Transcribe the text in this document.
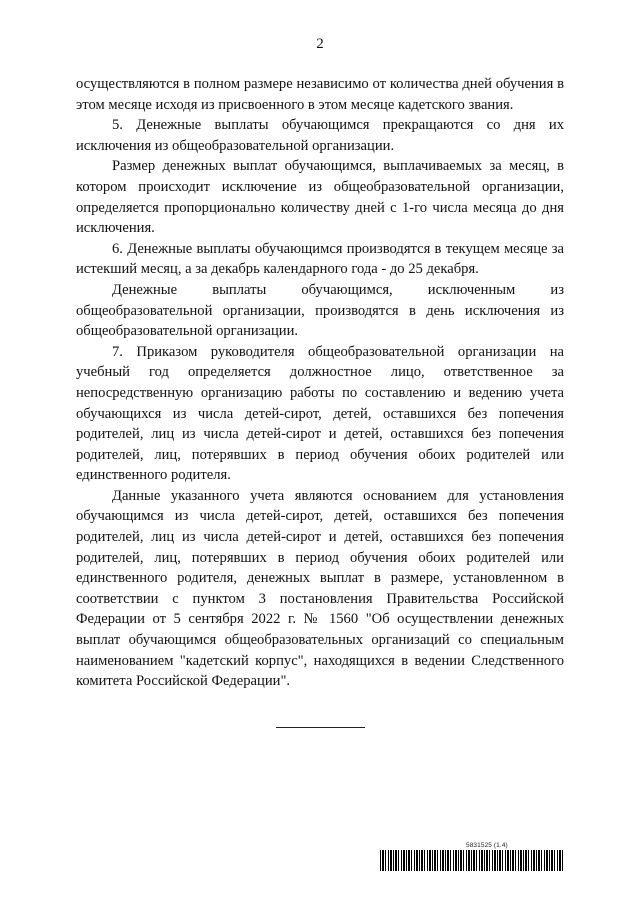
2

осуществляются в полном размере независимо от количества дней обучения в этом месяце исходя из присвоенного в этом месяце кадетского звания.

5. Денежные выплаты обучающимся прекращаются со дня их исключения из общеобразовательной организации.

Размер денежных выплат обучающимся, выплачиваемых за месяц, в котором происходит исключение из общеобразовательной организации, определяется пропорционально количеству дней с 1-го числа месяца до дня исключения.

6. Денежные выплаты обучающимся производятся в текущем месяце за истекший месяц, а за декабрь календарного года - до 25 декабря.

Денежные выплаты обучающимся, исключенным из общеобразовательной организации, производятся в день исключения из общеобразовательной организации.

7. Приказом руководителя общеобразовательной организации на учебный год определяется должностное лицо, ответственное за непосредственную организацию работы по составлению и ведению учета обучающихся из числа детей-сирот, детей, оставшихся без попечения родителей, лиц из числа детей-сирот и детей, оставшихся без попечения родителей, лиц, потерявших в период обучения обоих родителей или единственного родителя.

Данные указанного учета являются основанием для установления обучающимся из числа детей-сирот, детей, оставшихся без попечения родителей, лиц из числа детей-сирот и детей, оставшихся без попечения родителей, лиц, потерявших в период обучения обоих родителей или единственного родителя, денежных выплат в размере, установленном в соответствии с пунктом 3 постановления Правительства Российской Федерации от 5 сентября 2022 г. № 1560 "Об осуществлении денежных выплат обучающимся общеобразовательных организаций со специальным наименованием "кадетский корпус", находящихся в ведении Следственного комитета Российской Федерации".

5831525 (1.4)
